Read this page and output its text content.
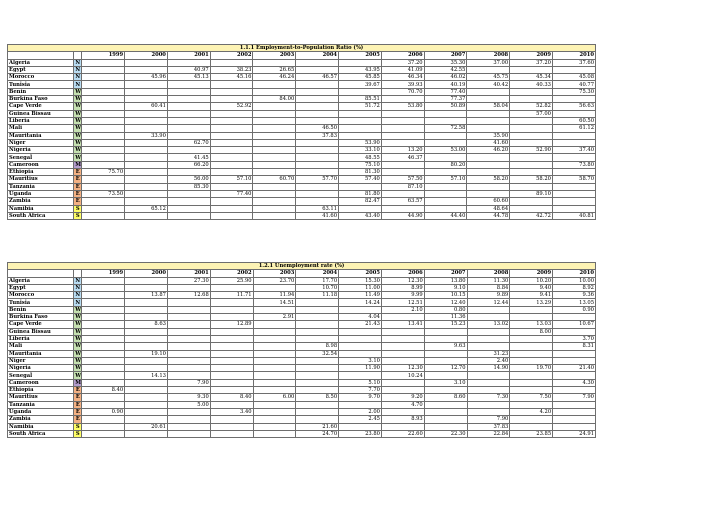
1.1.1 Employment-to-Population Ratio (%)													
		1999	2000	2001	2002	2003	2004	2005	2006	2007	2008	2009	2010
Algeria	N								37.20	35.30	37.00	37.20	37.60
Egypt	N			40.97	38.23	26.65		43.95	41.09	42.55			
Morocco	N		45.96	45.13	45.16	46.24	46.57	45.85	46.34	46.02	45.75	45.34	45.08
Tunisia	N							39.67	39.93	40.19	40.42	40.33	40.77
Benin	W								70.70	77.40			75.30
Burkina Faso	W					84.00		85.51		77.37			
Cape Verde	W		60.41		52.92			51.72	53.80	50.89	58.04	52.82	56.63
Guinea Bissau	W											57.00	
Liberia	W												60.50
Mali	W						46.50			72.58			61.12
Mauritania	W		33.90				37.83				35.90		
Niger	W			62.70				53.90			41.60		
Nigeria	W							33.10	13.20	53.00	46.20	52.90	37.40
Senegal	W			41.45				48.55	46.37				
Cameroon	M			66.20				75.10		80.20			73.80
Ethiopia	E	75.70						81.30					
Mauritius	E			56.00	57.10	60.70	57.70	57.40	57.50	57.10	58.20	58.20	58.70
Tanzania	E			85.30					87.10				
Uganda	E	73.50			77.40			81.80				89.10	
Zambia	E							82.47	63.57		60.60		
Namibia	S		65.12				63.11				48.64		
South Africa	S						41.60	43.40	44.90	44.40	44.78	42.72	40.81
1.2.1 Unemployment rate (%)													
		1999	2000	2001	2002	2003	2004	2005	2006	2007	2008	2009	2010
Algeria	N			27.30	25.90	23.70	17.70	15.30	12.30	13.80	11.30	10.20	10.00
Egypt	N						10.70	11.00	8.99	9.10	8.84	9.40	8.92
Morocco	N		13.87	12.68	11.71	11.94	11.18	11.49	9.99	10.15	9.89	9.41	9.36
Tunisia	N					14.51		14.24	12.51	12.40	12.44	13.29	13.05
Benin	W								2.10	0.80			0.90
Burkina Faso	W					2.91		4.04		11.36			
Cape Verde	W		8.63		12.89			21.43	13.41	15.23	13.02	13.03	10.67
Guinea Bissau	W											8.00	
Liberia	W												3.70
Mali	W						8.98			9.63			8.31
Mauritania	W		19.10				32.54				31.23		
Niger	W							3.10			2.40		
Nigeria	W							11.90	12.30	12.70	14.90	19.70	21.40
Senegal	W		14.13						10.24				
Cameroon	M			7.90				5.10		3.10			4.30
Ethiopia	E	8.40						7.70					
Mauritius	E			9.30	8.40	6.00	8.50	9.70	9.20	8.60	7.30	7.50	7.90
Tanzania	E			5.00					4.70				
Uganda	E	0.90			3.40			2.00				4.20	
Zambia	E							2.45	8.93		7.90		
Namibia	S		20.61				21.60				37.83		
South Africa	S						24.70	23.80	22.60	22.30	22.84	23.85	24.91
